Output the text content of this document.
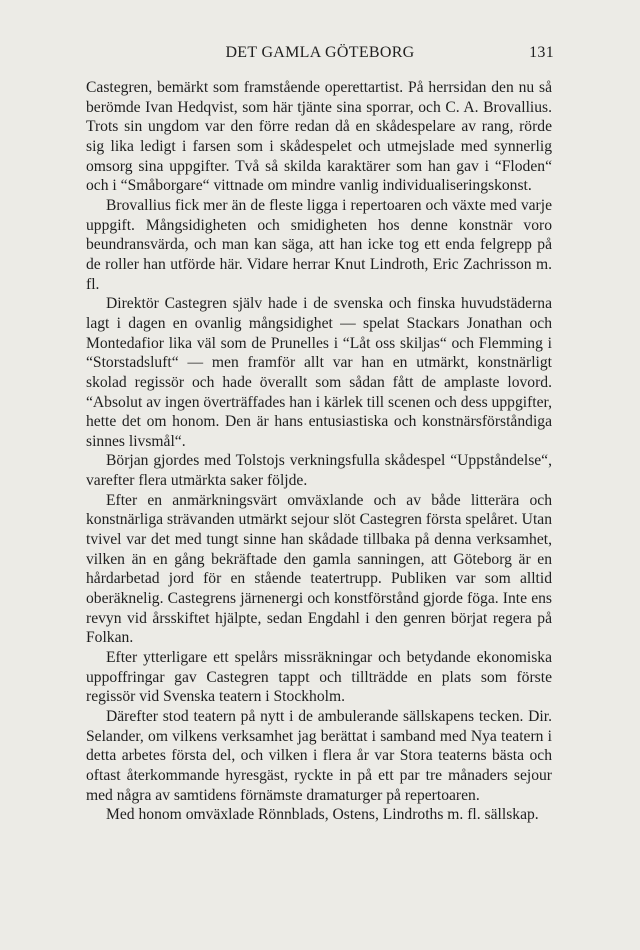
DET GAMLA GÖTEBORG	131

Castegren, bemärkt som framstående operettartist. På herrsidan den nu så berömde Ivan Hedqvist, som här tjänte sina sporrar, och C. A. Brovallius. Trots sin ungdom var den förre redan då en skådespelare av rang, rörde sig lika ledigt i farsen som i skådespelet och utmejslade med synnerlig omsorg sina uppgifter. Två så skilda karaktärer som han gav i “Floden“ och i “Småborgare“ vittnade om mindre vanlig individualiseringskonst.

Brovallius fick mer än de fleste ligga i repertoaren och växte med varje uppgift. Mångsidigheten och smidigheten hos denne konstnär voro beundransvärda, och man kan säga, att han icke tog ett enda felgrepp på de roller han utförde här. Vidare herrar Knut Lindroth, Eric Zachrisson m. fl.

Direktör Castegren själv hade i de svenska och finska huvudstäderna lagt i dagen en ovanlig mångsidighet — spelat Stackars Jonathan och Montedafior lika väl som de Prunelles i “Låt oss skiljas“ och Flemming i “Storstadsluft“ — men framför allt var han en utmärkt, konstnärligt skolad regissör och hade överallt som sådan fått de amplaste lovord. “Absolut av ingen överträffades han i kärlek till scenen och dess uppgifter, hette det om honom. Den är hans entusiastiska och konstnärsförståndiga sinnes livsmål“.

Början gjordes med Tolstojs verkningsfulla skådespel “Uppståndelse“, varefter flera utmärkta saker följde.

Efter en anmärkningsvärt omväxlande och av både litterära och konstnärliga strävanden utmärkt sejour slöt Castegren första spelåret. Utan tvivel var det med tungt sinne han skådade tillbaka på denna verksamhet, vilken än en gång bekräftade den gamla sanningen, att Göteborg är en hårdarbetad jord för en stående teatertrupp. Publiken var som alltid oberäknelig. Castegrens järnenergi och konstförstånd gjorde föga. Inte ens revyn vid årsskiftet hjälpte, sedan Engdahl i den genren börjat regera på Folkan.

Efter ytterligare ett spelårs missräkningar och betydande ekonomiska uppoffringar gav Castegren tappt och tillträdde en plats som förste regissör vid Svenska teatern i Stockholm.

Därefter stod teatern på nytt i de ambulerande sällskapens tecken. Dir. Selander, om vilkens verksamhet jag berättat i samband med Nya teatern i detta arbetes första del, och vilken i flera år var Stora teaterns bästa och oftast återkommande hyresgäst, ryckte in på ett par tre månaders sejour med några av samtidens förnämste dramaturger på repertoaren.

Med honom omväxlade Rönnblads, Ostens, Lindroths m. fl. sällskap.
